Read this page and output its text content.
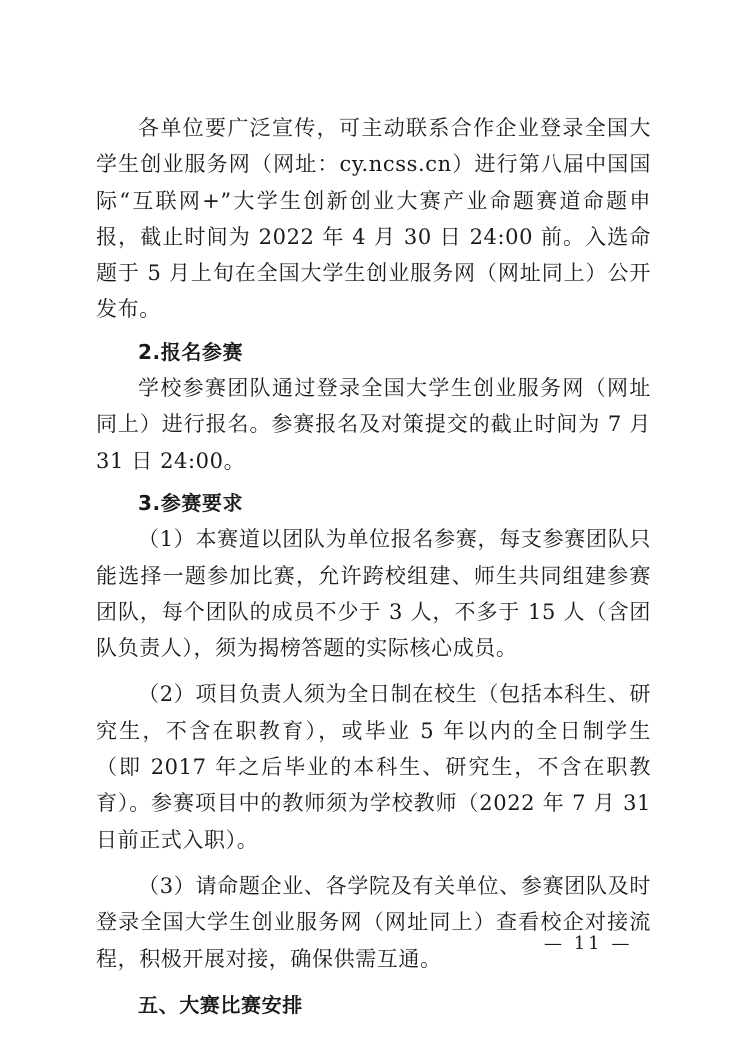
各单位要广泛宣传，可主动联系合作企业登录全国大学生创业服务网（网址：cy.ncss.cn）进行第八届中国国际“互联网+”大学生创新创业大赛产业命题赛道命题申报，截止时间为 2022 年 4 月 30 日 24:00 前。入选命题于 5 月上旬在全国大学生创业服务网（网址同上）公开发布。

2.报名参赛

学校参赛团队通过登录全国大学生创业服务网（网址同上）进行报名。参赛报名及对策提交的截止时间为 7 月 31 日 24:00。

3.参赛要求

（1）本赛道以团队为单位报名参赛，每支参赛团队只能选择一题参加比赛，允许跨校组建、师生共同组建参赛团队，每个团队的成员不少于 3 人，不多于 15 人（含团队负责人），须为揭榜答题的实际核心成员。

（2）项目负责人须为全日制在校生（包括本科生、研究生，不含在职教育），或毕业 5 年以内的全日制学生（即 2017 年之后毕业的本科生、研究生，不含在职教育）。参赛项目中的教师须为学校教师（2022 年 7 月 31 日前正式入职）。

（3）请命题企业、各学院及有关单位、参赛团队及时登录全国大学生创业服务网（网址同上）查看校企对接流程，积极开展对接，确保供需互通。

五、大赛比赛安排

— 11 —
